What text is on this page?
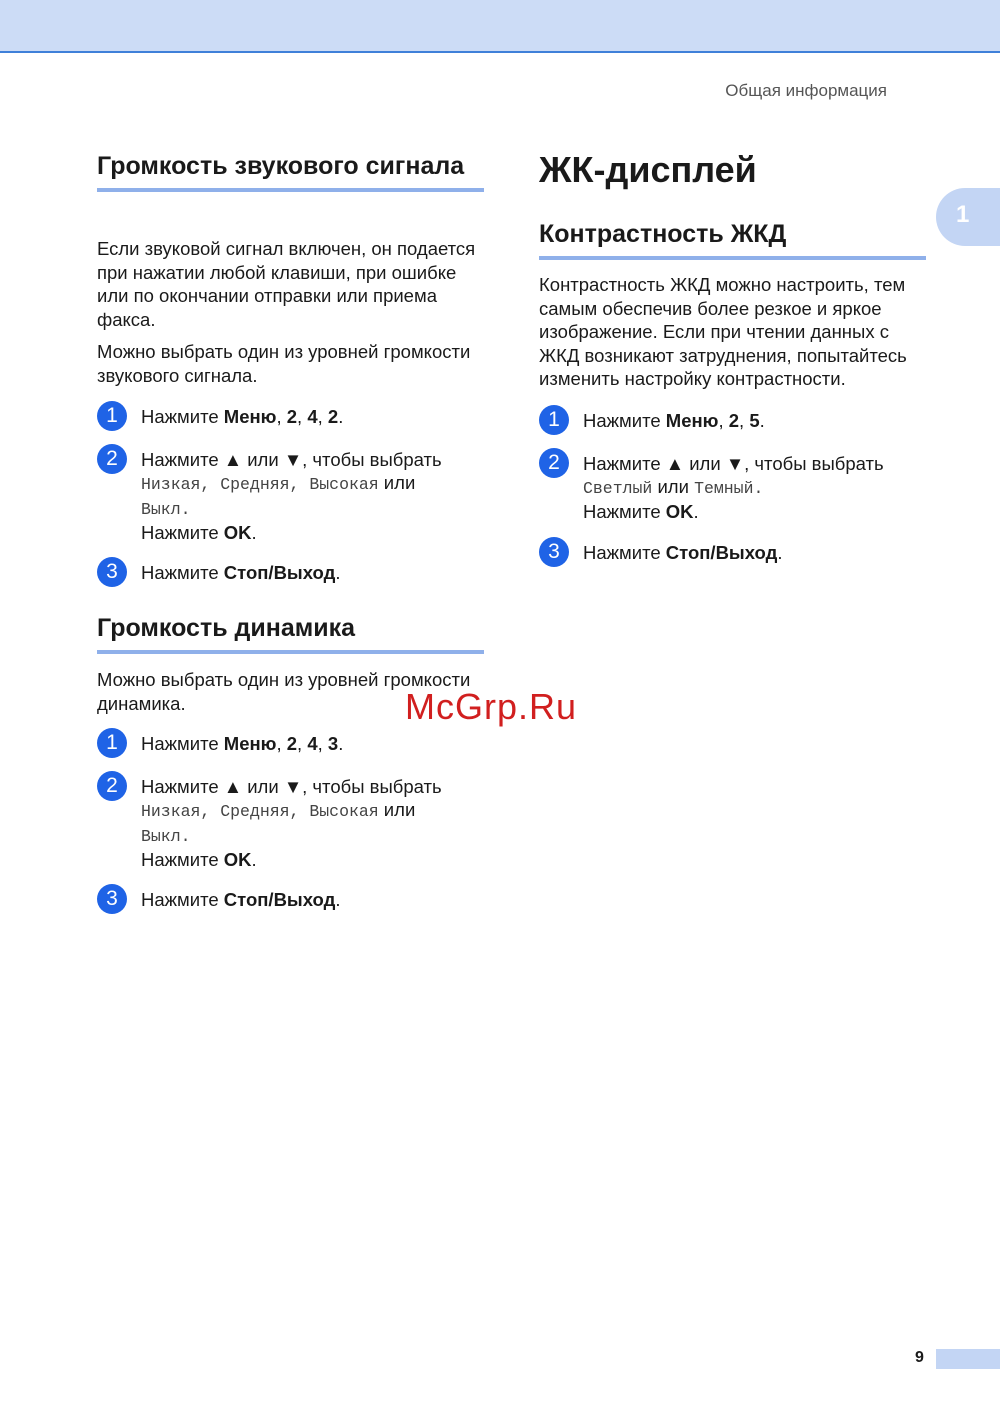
Общая информация
1
Громкость звукового сигнала

Если звуковой сигнал включен, он подается при нажатии любой клавиши, при ошибке или по окончании отправки или приема факса.

Можно выбрать один из уровней громкости звукового сигнала.

1	Нажмите Меню, 2, 4, 2.
2	Нажмите ▲ или ▼, чтобы выбрать
Низкая, Средняя, Высокая или
Выкл.
Нажмите OK.
3	Нажмите Стоп/Выход.
Громкость динамика

Можно выбрать один из уровней громкости динамика.

1	Нажмите Меню, 2, 4, 3.
2	Нажмите ▲ или ▼, чтобы выбрать
Низкая, Средняя, Высокая или
Выкл.
Нажмите OK.
3	Нажмите Стоп/Выход.
ЖК-дисплей
Контрастность ЖКД

Контрастность ЖКД можно настроить, тем самым обеспечив более резкое и яркое изображение. Если при чтении данных с ЖКД возникают затруднения, попытайтесь изменить настройку контрастности.

1	Нажмите Меню, 2, 5.
2	Нажмите ▲ или ▼, чтобы выбрать
Светлый или Темный.
Нажмите OK.
3	Нажмите Стоп/Выход.
McGrp.Ru
9
